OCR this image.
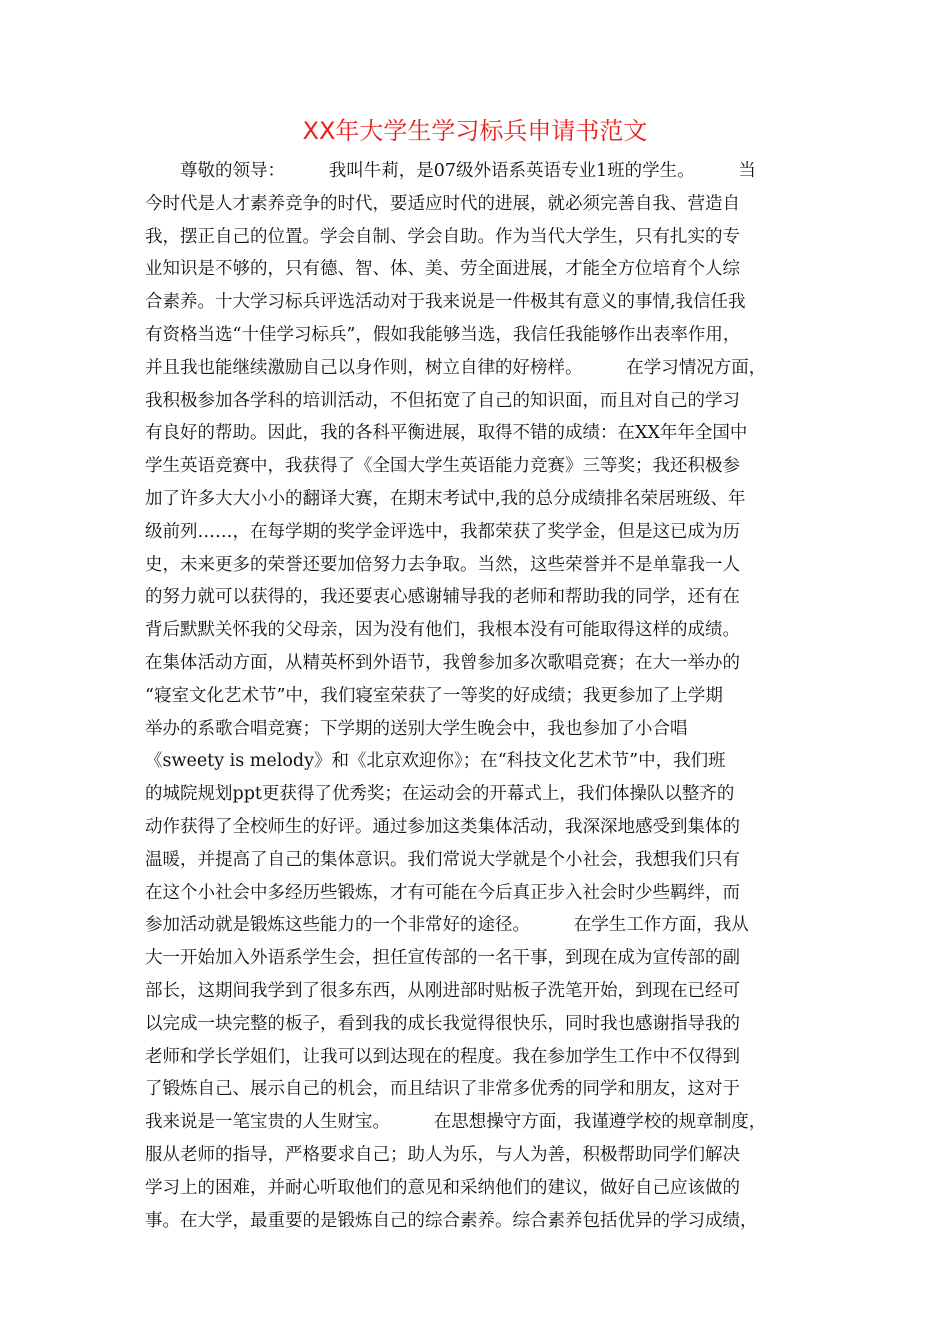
XX年大学生学习标兵申请书范文
　　尊敬的领导：　　　我叫牛莉，是07级外语系英语专业1班的学生。　　　当
今时代是人才素养竞争的时代，要适应时代的进展，就必须完善自我、营造自
我，摆正自己的位置。学会自制、学会自助。作为当代大学生，只有扎实的专
业知识是不够的，只有德、智、体、美、劳全面进展，才能全方位培育个人综
合素养。十大学习标兵评选活动对于我来说是一件极其有意义的事情,我信任我
有资格当选“十佳学习标兵”，假如我能够当选，我信任我能够作出表率作用，
并且我也能继续激励自己以身作则，树立自律的好榜样。　　　在学习情况方面，
我积极参加各学科的培训活动，不但拓宽了自己的知识面，而且对自己的学习
有良好的帮助。因此，我的各科平衡进展，取得不错的成绩：在XX年年全国中
学生英语竞赛中，我获得了《全国大学生英语能力竞赛》三等奖；我还积极参
加了许多大大小小的翻译大赛，在期末考试中,我的总分成绩排名荣居班级、年
级前列……，在每学期的奖学金评选中，我都荣获了奖学金，但是这已成为历
史，未来更多的荣誉还要加倍努力去争取。当然，这些荣誉并不是单靠我一人
的努力就可以获得的，我还要衷心感谢辅导我的老师和帮助我的同学，还有在
背后默默关怀我的父母亲，因为没有他们，我根本没有可能取得这样的成绩。
在集体活动方面，从精英杯到外语节，我曾参加多次歌唱竞赛；在大一举办的
“寝室文化艺术节”中，我们寝室荣获了一等奖的好成绩；我更参加了上学期
举办的系歌合唱竞赛；下学期的送别大学生晚会中，我也参加了小合唱
《sweety is melody》和《北京欢迎你》；在“科技文化艺术节”中，我们班
的城院规划ppt更获得了优秀奖；在运动会的开幕式上，我们体操队以整齐的
动作获得了全校师生的好评。通过参加这类集体活动，我深深地感受到集体的
温暖，并提高了自己的集体意识。我们常说大学就是个小社会，我想我们只有
在这个小社会中多经历些锻炼，才有可能在今后真正步入社会时少些羁绊，而
参加活动就是锻炼这些能力的一个非常好的途径。　　　在学生工作方面，我从
大一开始加入外语系学生会，担任宣传部的一名干事，到现在成为宣传部的副
部长，这期间我学到了很多东西，从刚进部时贴板子洗笔开始，到现在已经可
以完成一块完整的板子，看到我的成长我觉得很快乐，同时我也感谢指导我的
老师和学长学姐们，让我可以到达现在的程度。我在参加学生工作中不仅得到
了锻炼自己、展示自己的机会，而且结识了非常多优秀的同学和朋友，这对于
我来说是一笔宝贵的人生财宝。　　　在思想操守方面，我谨遵学校的规章制度，
服从老师的指导，严格要求自己；助人为乐，与人为善，积极帮助同学们解决
学习上的困难，并耐心听取他们的意见和采纳他们的建议，做好自己应该做的
事。在大学，最重要的是锻炼自己的综合素养。综合素养包括优异的学习成绩，
